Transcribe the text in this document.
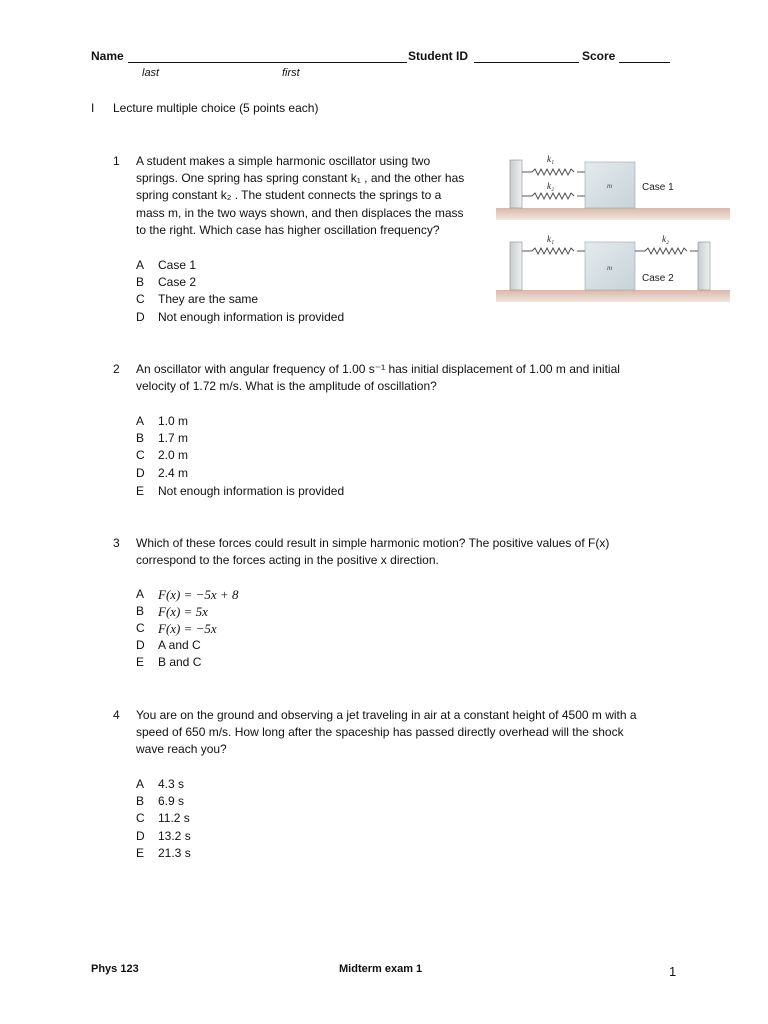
Name	Student ID	Score
last	first
I Lecture multiple choice (5 points each)
1 A student makes a simple harmonic oscillator using two
springs. One spring has spring constant k₁ , and the other has
spring constant k₂ . The student connects the springs to a
mass m, in the two ways shown, and then displaces the mass
to the right. Which case has higher oscillation frequency?
A	Case 1
B	Case 2
C	They are the same
D	Not enough information is provided
k₁
k₂	m	Case 1
k₁	k₂
m
Case 2
2 An oscillator with angular frequency of 1.00 s⁻¹ has initial displacement of 1.00 m and initial
velocity of 1.72 m/s. What is the amplitude of oscillation?
A	1.0 m
B	1.7 m
C	2.0 m
D	2.4 m
E	Not enough information is provided
3 Which of these forces could result in simple harmonic motion? The positive values of F(x)
correspond to the forces acting in the positive x direction.
A	F(x) = −5x + 8
B	F(x) = 5x
C	F(x) = −5x
D	A and C
E	B and C
4 You are on the ground and observing a jet traveling in air at a constant height of 4500 m with a
speed of 650 m/s. How long after the spaceship has passed directly overhead will the shock
wave reach you?
A	4.3 s
B	6.9 s
C	11.2 s
D	13.2 s
E	21.3 s
Phys 123	Midterm exam 1	1
